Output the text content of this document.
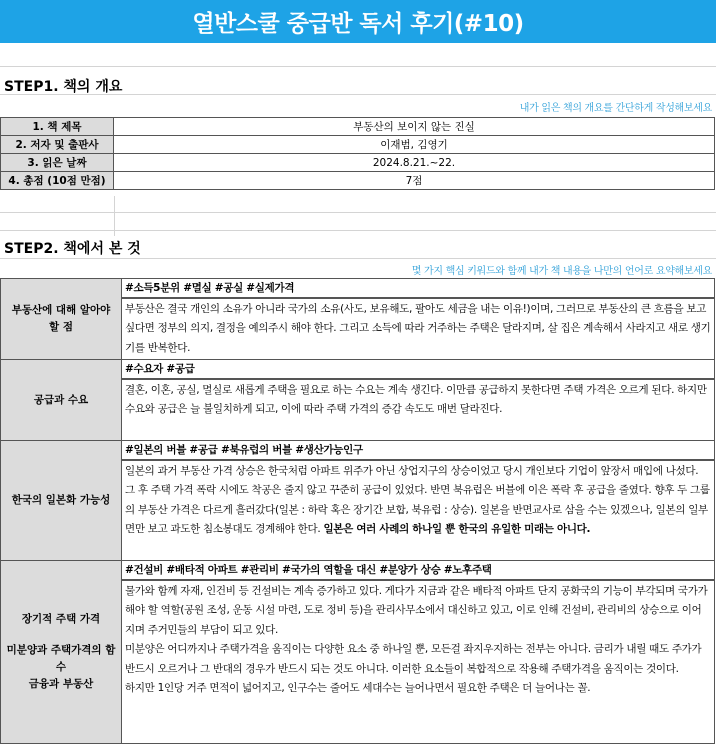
열반스쿨 중급반 독서 후기(#10)
STEP1. 책의 개요
내가 읽은 책의 개요를 간단하게 작성해보세요
1. 책 제목	부동산의 보이지 않는 진실
2. 저자 및 출판사	이재범, 김영기
3. 읽은 날짜	2024.8.21.~22.
4. 총점 (10점 만점)	7점
STEP2. 책에서 본 것
몇 가지 핵심 키워드와 함께 내가 책 내용을 나만의 언어로 요약해보세요
부동산에 대해 알아야 할 점	#소득5분위 #멸실 #공실 #실제가격

	부동산은 결국 개인의 소유가 아니라 국가의 소유(사도, 보유해도, 팔아도 세금을 내는 이유!)이며, 그러므로 부동산의 큰 흐름을 보고 싶다면 정부의 의지, 결정을 예의주시 해야 한다. 그리고 소득에 따라 거주하는 주택은 달라지며, 살 집은 계속해서 사라지고 새로 생기기를 반복한다.

공급과 수요	#수요자 #공급

	결혼, 이혼, 공실, 멸실로 새롭게 주택을 필요로 하는 수요는 계속 생긴다. 이만큼 공급하지 못한다면 주택 가격은 오르게 된다. 하지만 수요와 공급은 늘 불일치하게 되고, 이에 따라 주택 가격의 증감 속도도 매번 달라진다.

한국의 일본화 가능성	#일본의 버블 #공급 #북유럽의 버블 #생산가능인구

	일본의 과거 부동산 가격 상승은 한국처럼 아파트 위주가 아닌 상업지구의 상승이었고 당시 개인보다 기업이 앞장서 매입에 나섰다. 그 후 주택 가격 폭락 시에도 착공은 줄지 않고 꾸준히 공급이 있었다. 반면 북유럽은 버블에 이은 폭락 후 공급을 줄였다. 향후 두 그룹의 부동산 가격은 다르게 흘러갔다(일본 : 하락 혹은 장기간 보합, 북유럽 : 상승). 일본을 반면교사로 삼을 수는 있겠으나, 일본의 일부 면만 보고 과도한 침소봉대도 경계해야 한다. 일본은 여러 사례의 하나일 뿐 한국의 유일한 미래는 아니다.

장기적 주택 가격
미분양과 주택가격의 함수
금융과 부동산	#건설비 #배타적 아파트 #관리비 #국가의 역할을 대신 #분양가 상승 #노후주택

	물가와 함께 자재, 인건비 등 건설비는 계속 증가하고 있다. 게다가 지금과 같은 배타적 아파트 단지 공화국의 기능이 부각되며 국가가 해야 할 역할(공원 조성, 운동 시설 마련, 도로 정비 등)을 관리사무소에서 대신하고 있고, 이로 인해 건설비, 관리비의 상승으로 이어지며 주거민들의 부담이 되고 있다.
미분양은 어디까지나 주택가격을 움직이는 다양한 요소 중 하나일 뿐, 모든걸 좌지우지하는 전부는 아니다. 금리가 내릴 때도 주가가 반드시 오르거나 그 반대의 경우가 반드시 되는 것도 아니다. 이러한 요소들이 복합적으로 작용해 주택가격을 움직이는 것이다.
하지만 1인당 거주 면적이 넓어지고, 인구수는 줄어도 세대수는 늘어나면서 필요한 주택은 더 늘어나는 꼴.
